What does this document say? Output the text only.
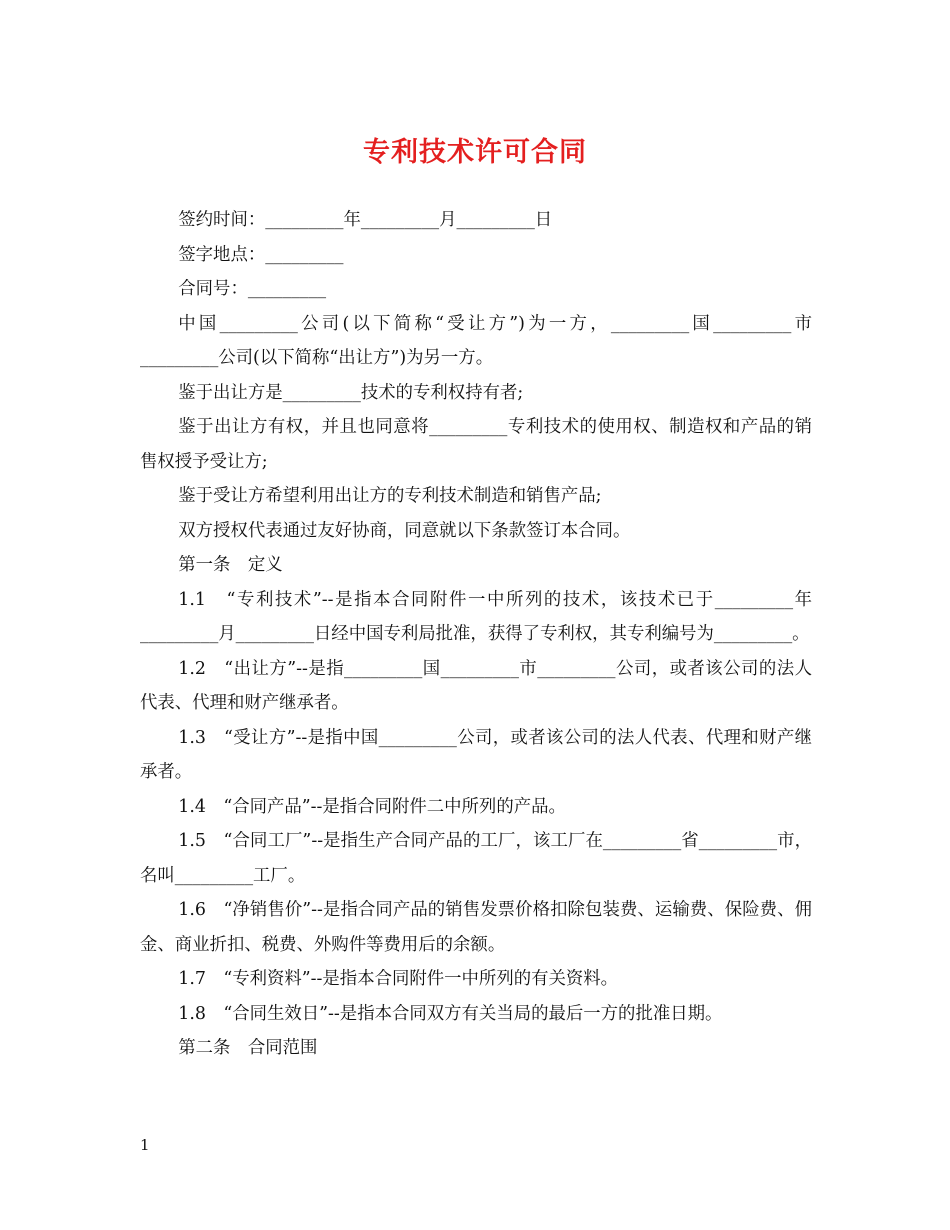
专利技术许可合同

签约时间：_________年_________月_________日

签字地点：_________

合同号：_________

中国_________公司(以下简称“受让方”)为一方，_________国_________市_________公司(以下简称“出让方”)为另一方。

鉴于出让方是_________技术的专利权持有者;

鉴于出让方有权，并且也同意将_________专利技术的使用权、制造权和产品的销售权授予受让方;

鉴于受让方希望利用出让方的专利技术制造和销售产品;

双方授权代表通过友好协商，同意就以下条款签订本合同。

第一条　定义

1.1　“专利技术”--是指本合同附件一中所列的技术，该技术已于_________年_________月_________日经中国专利局批准，获得了专利权，其专利编号为_________。

1.2　“出让方”--是指_________国_________市_________公司，或者该公司的法人代表、代理和财产继承者。

1.3　“受让方”--是指中国_________公司，或者该公司的法人代表、代理和财产继承者。

1.4　“合同产品”--是指合同附件二中所列的产品。

1.5　“合同工厂”--是指生产合同产品的工厂，该工厂在_________省_________市，名叫_________工厂。

1.6　“净销售价”--是指合同产品的销售发票价格扣除包装费、运输费、保险费、佣金、商业折扣、税费、外购件等费用后的余额。

1.7　“专利资料”--是指本合同附件一中所列的有关资料。

1.8　“合同生效日”--是指本合同双方有关当局的最后一方的批准日期。

第二条　合同范围

1
